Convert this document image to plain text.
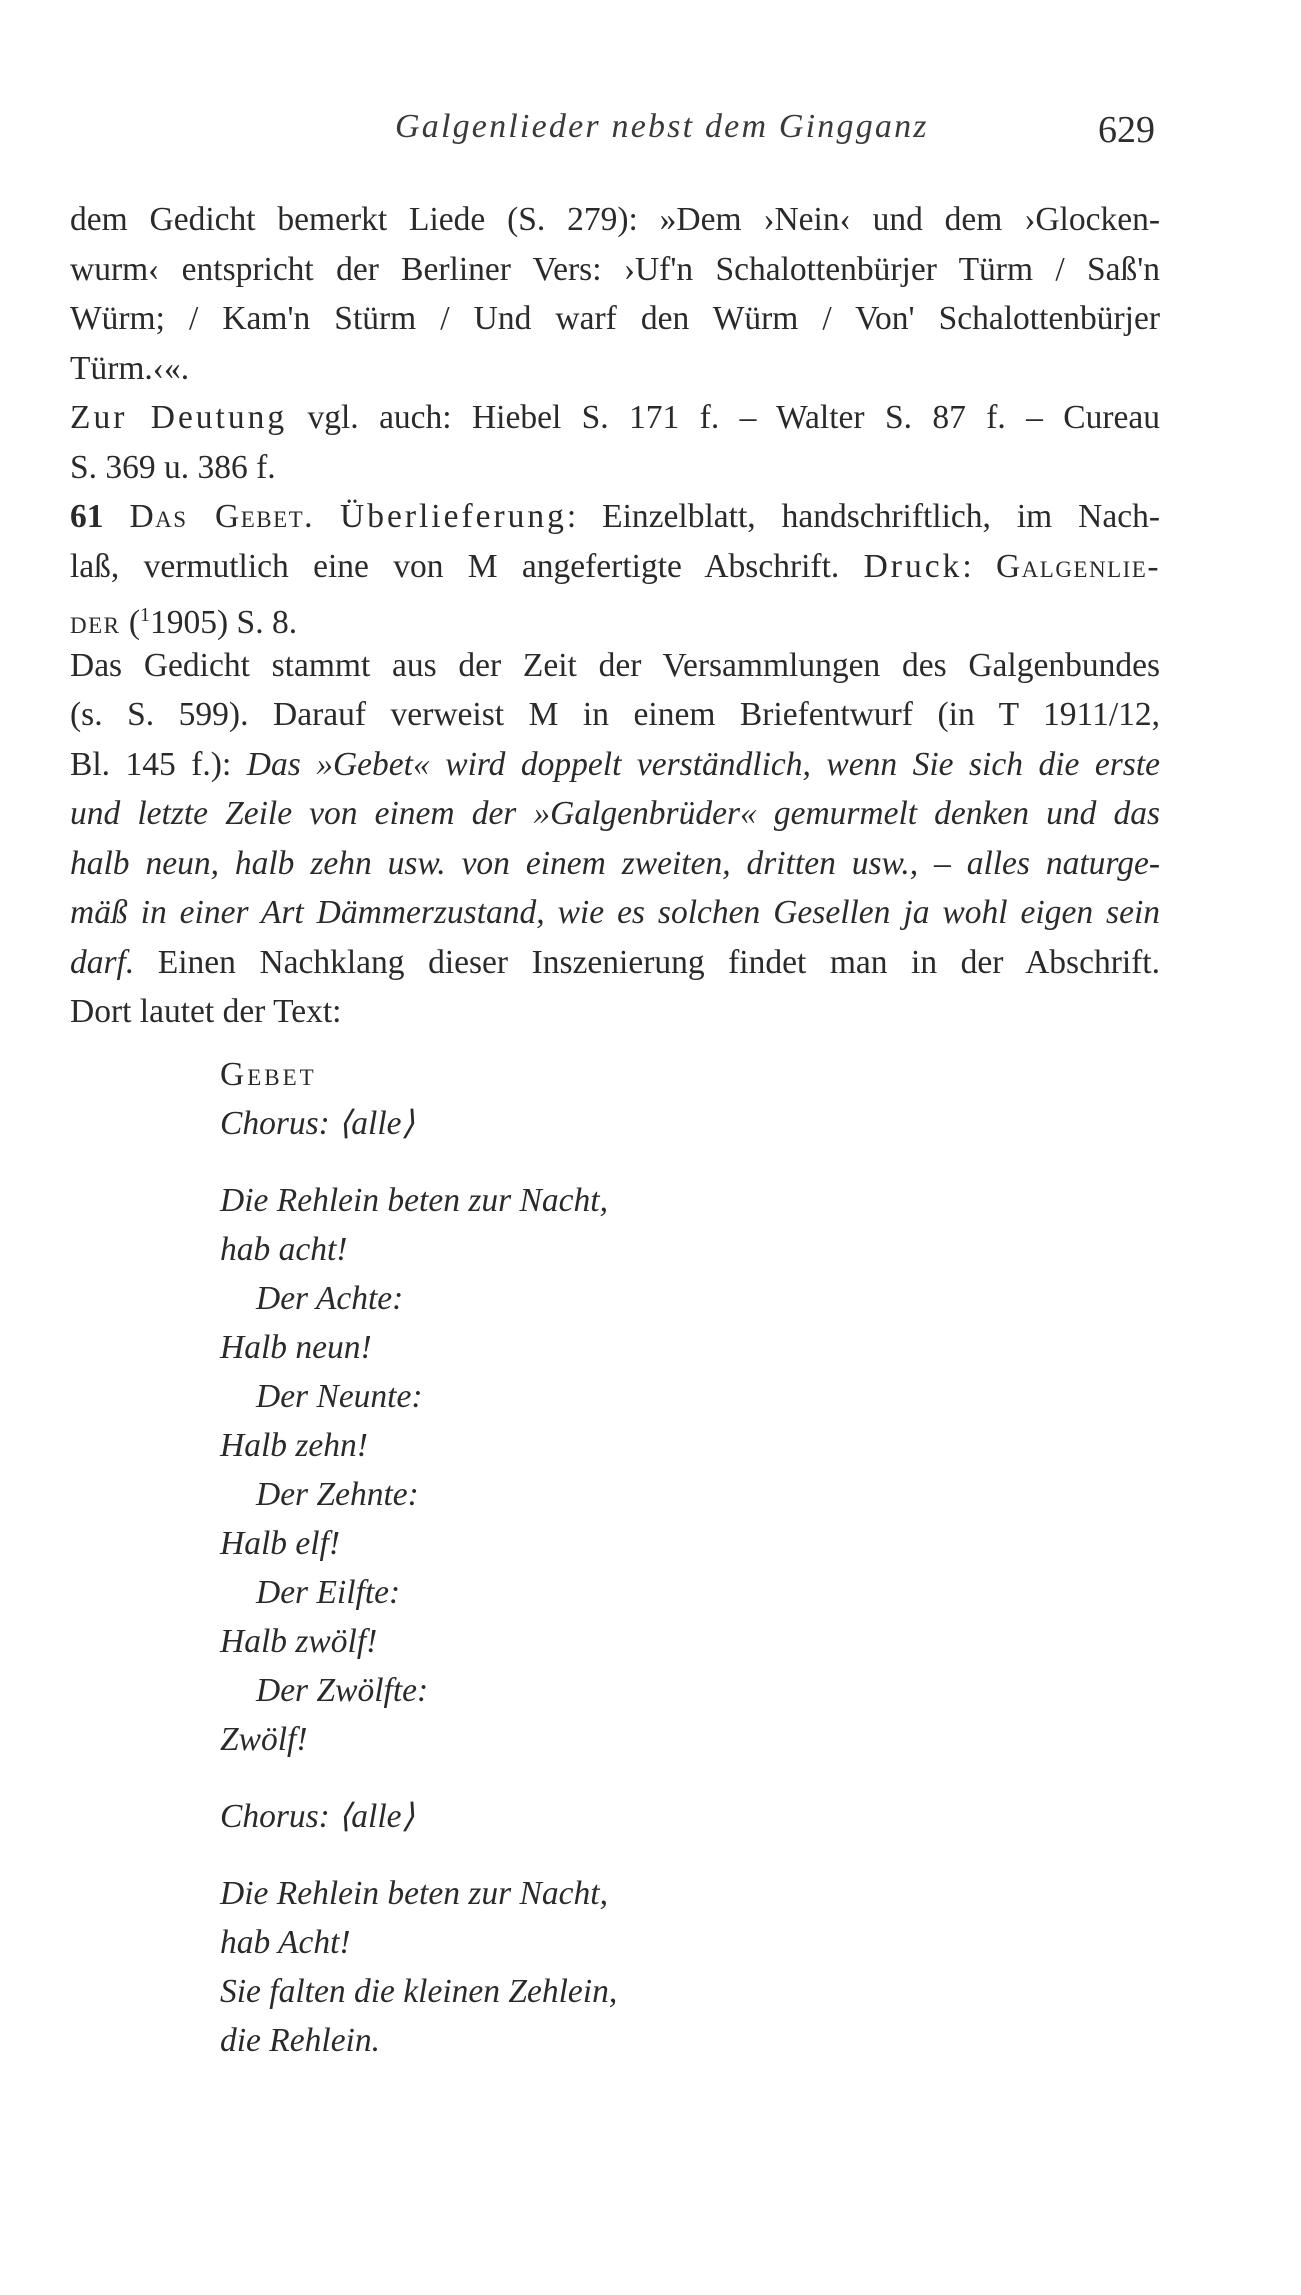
Galgenlieder nebst dem Gingganz	629
dem Gedicht bemerkt Liede (S. 279): »Dem ›Nein‹ und dem ›Glocken-
wurm‹ entspricht der Berliner Vers: ›Uf'n Schalottenbürjer Türm / Saß'n
Würm; / Kam'n Stürm / Und warf den Würm / Von' Schalottenbürjer
Türm.‹«.
Zur Deutung vgl. auch: Hiebel S. 171 f. – Walter S. 87 f. – Cureau
S. 369 u. 386 f.
61 Das Gebet. Überlieferung: Einzelblatt, handschriftlich, im Nach-
laß, vermutlich eine von M angefertigte Abschrift. Druck: Galgenlie-
der ($^1$1905) S. 8.
Das Gedicht stammt aus der Zeit der Versammlungen des Galgenbundes
(s. S. 599). Darauf verweist M in einem Briefentwurf (in T 1911/12,
Bl. 145 f.): Das »Gebet« wird doppelt verständlich, wenn Sie sich die erste
und letzte Zeile von einem der »Galgenbrüder« gemurmelt denken und das
halb neun, halb zehn usw. von einem zweiten, dritten usw., – alles naturge-
mäß in einer Art Dämmerzustand, wie es solchen Gesellen ja wohl eigen sein
darf. Einen Nachklang dieser Inszenierung findet man in der Abschrift.
Dort lautet der Text:
Gebet
Chorus: ⟨alle⟩
Die Rehlein beten zur Nacht,
hab acht!
Der Achte:
Halb neun!
Der Neunte:
Halb zehn!
Der Zehnte:
Halb elf!
Der Eilfte:
Halb zwölf!
Der Zwölfte:
Zwölf!
Chorus: ⟨alle⟩
Die Rehlein beten zur Nacht,
hab Acht!
Sie falten die kleinen Zehlein,
die Rehlein.
